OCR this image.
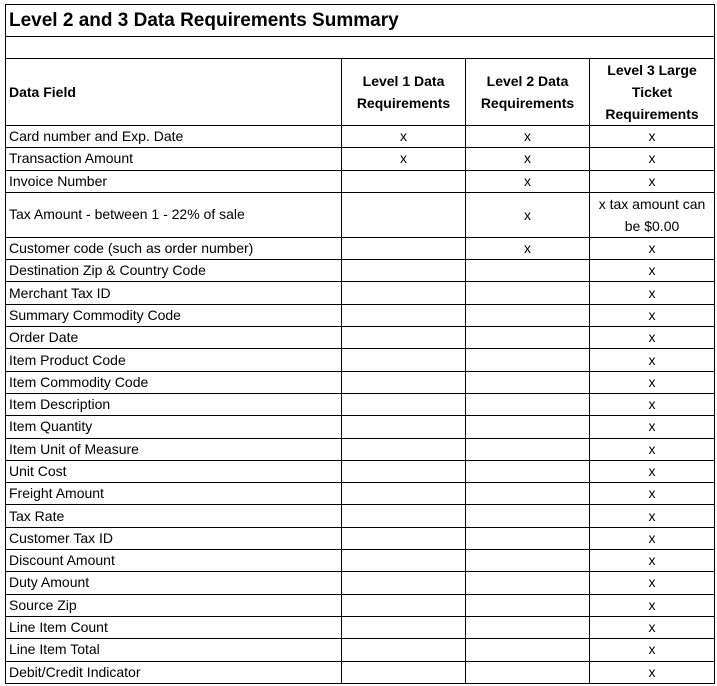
Level 2 and 3 Data Requirements Summary			

Data Field	Level 1 Data Requirements	Level 2 Data Requirements	Level 3 Large Ticket Requirements
Card number and Exp. Date	x	x	x
Transaction Amount	x	x	x
Invoice Number		x	x
Tax Amount - between 1 - 22% of sale		x	x tax amount can be $0.00
Customer code (such as order number)		x	x
Destination Zip & Country Code			x
Merchant Tax ID			x
Summary Commodity Code			x
Order Date			x
Item Product Code			x
Item Commodity Code			x
Item Description			x
Item Quantity			x
Item Unit of Measure			x
Unit Cost			x
Freight Amount			x
Tax Rate			x
Customer Tax ID			x
Discount Amount			x
Duty Amount			x
Source Zip			x
Line Item Count			x
Line Item Total			x
Debit/Credit Indicator			x
